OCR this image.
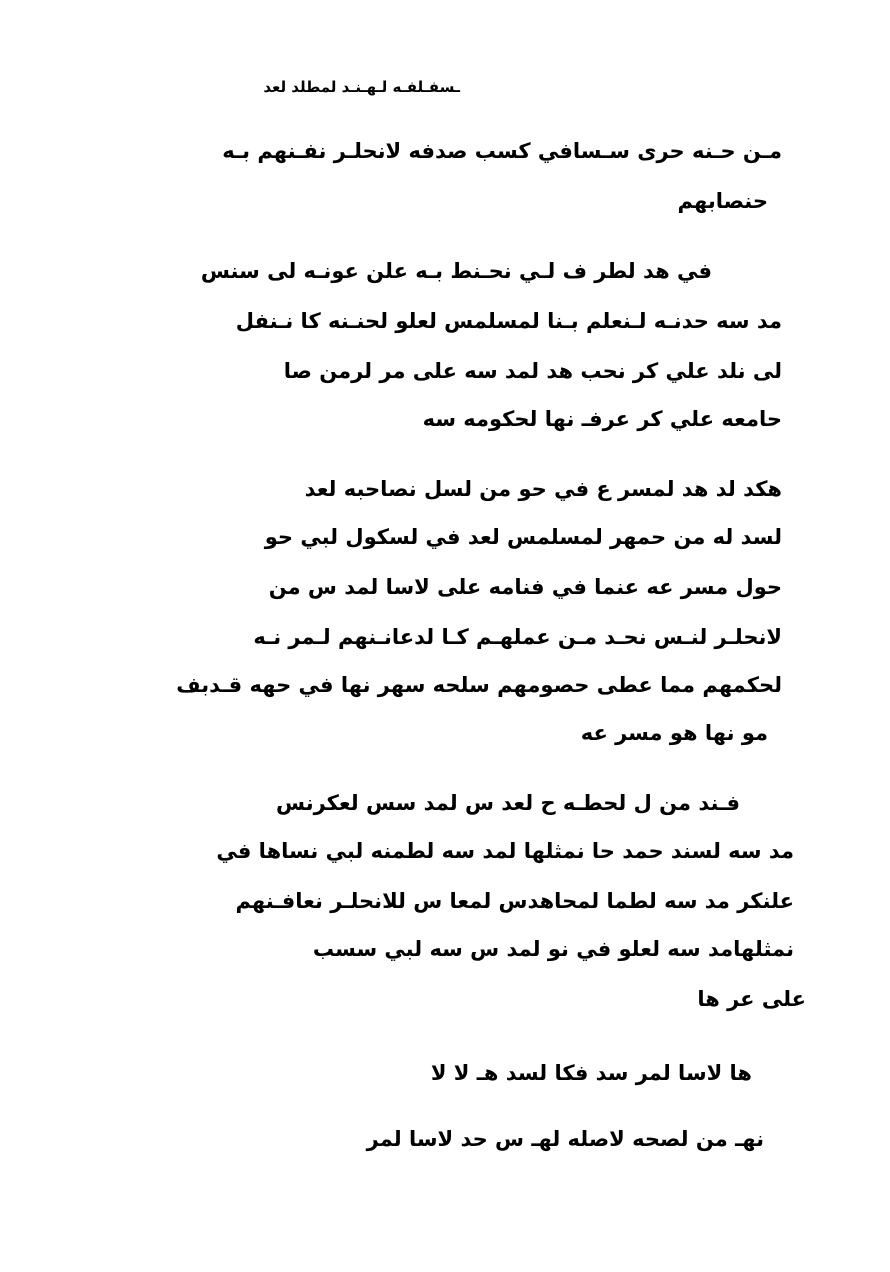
ـسفـلفـه لـهـنـد لمطلد لعد
مـن حـنه حرى سـسافي كسب صدفه لانحلـر نفـنهم بـه
حنصابهم
في هد لطر ف لـي نحـنط بـه علن عونـه لى سنس
مد سه حدنـه لـنعلم بـنا لمسلمس لعلو لحنـنه كا نـنفل
لى نلد علي كر نحب هد لمد سه على مر لرمن صا
حامعه علي كر عرفـ نها لحكومه سه
هكد لد هد لمسر ع في حو من لسل نصاحبه لعد
لسد له من حمهر لمسلمس لعد في لسكول لبي حو
حول مسر عه عنما في فنامه على لاسا لمد س من
لانحلـر لنـس نحـد مـن عملهـم كـا لدعانـنهم لـمر نـه
لحكمهم مما عطى حصومهم سلحه سهر نها في حهه قـدبف
مو نها هو مسر عه
فـند من ل لحطـه ح لعد س لمد سس لعكرنس
مد سه لسند حمد حا نمثلها لمد سه لطمنه لبي نساها في
علنكر مد سه لطما لمحاهدس لمعا س للانحلـر نعافـنهم
نمثلهامد سه لعلو في نو لمد س سه لبي سسب
على عر ها
ها لاسا لمر سد فكا لسد هـ لا لا
نهـ من لصحه لاصله لهـ س حد لاسا لمر
